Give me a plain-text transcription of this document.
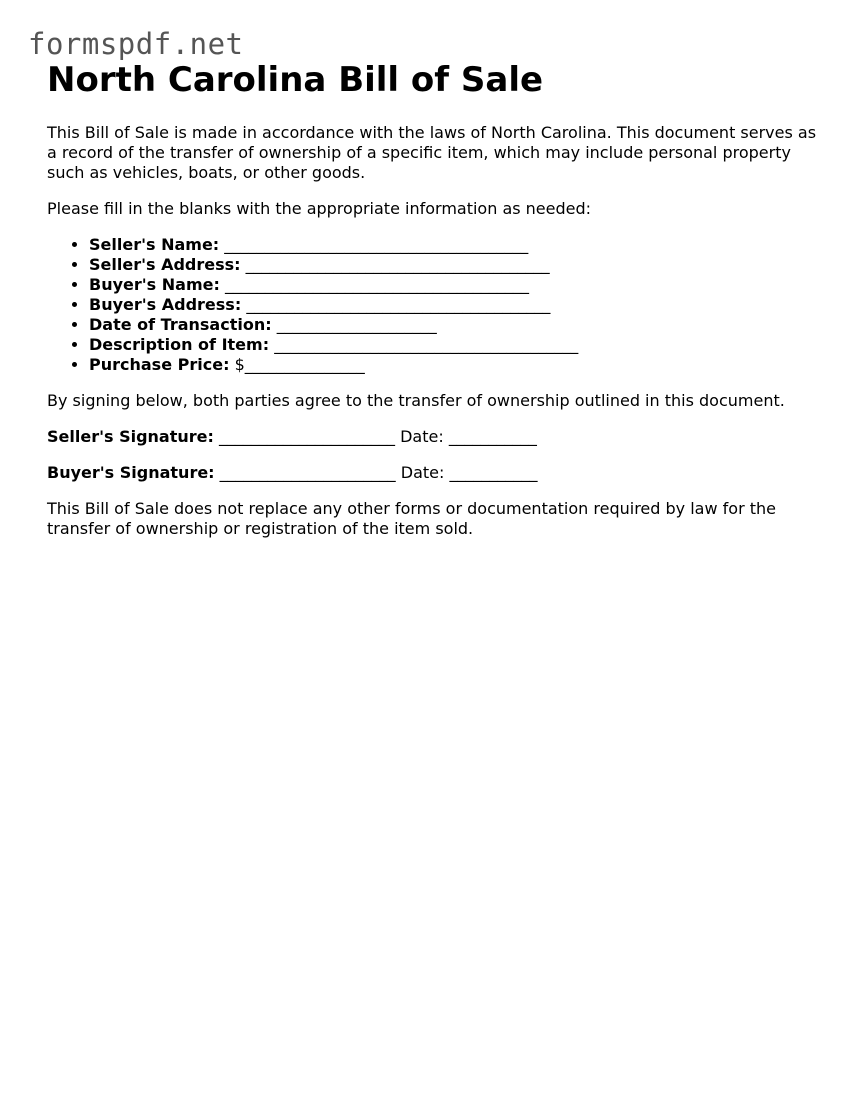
formspdf.net
North Carolina Bill of Sale

This Bill of Sale is made in accordance with the laws of North Carolina. This document serves as a record of the transfer of ownership of a specific item, which may include personal property such as vehicles, boats, or other goods.

Please fill in the blanks with the appropriate information as needed:

• Seller's Name: ______________________________________
• Seller's Address: ______________________________________
• Buyer's Name: ______________________________________
• Buyer's Address: ______________________________________
• Date of Transaction: ____________________
• Description of Item: ______________________________________
• Purchase Price: $_______________

By signing below, both parties agree to the transfer of ownership outlined in this document.

Seller's Signature: ______________________ Date: ___________

Buyer's Signature: ______________________ Date: ___________

This Bill of Sale does not replace any other forms or documentation required by law for the transfer of ownership or registration of the item sold.
